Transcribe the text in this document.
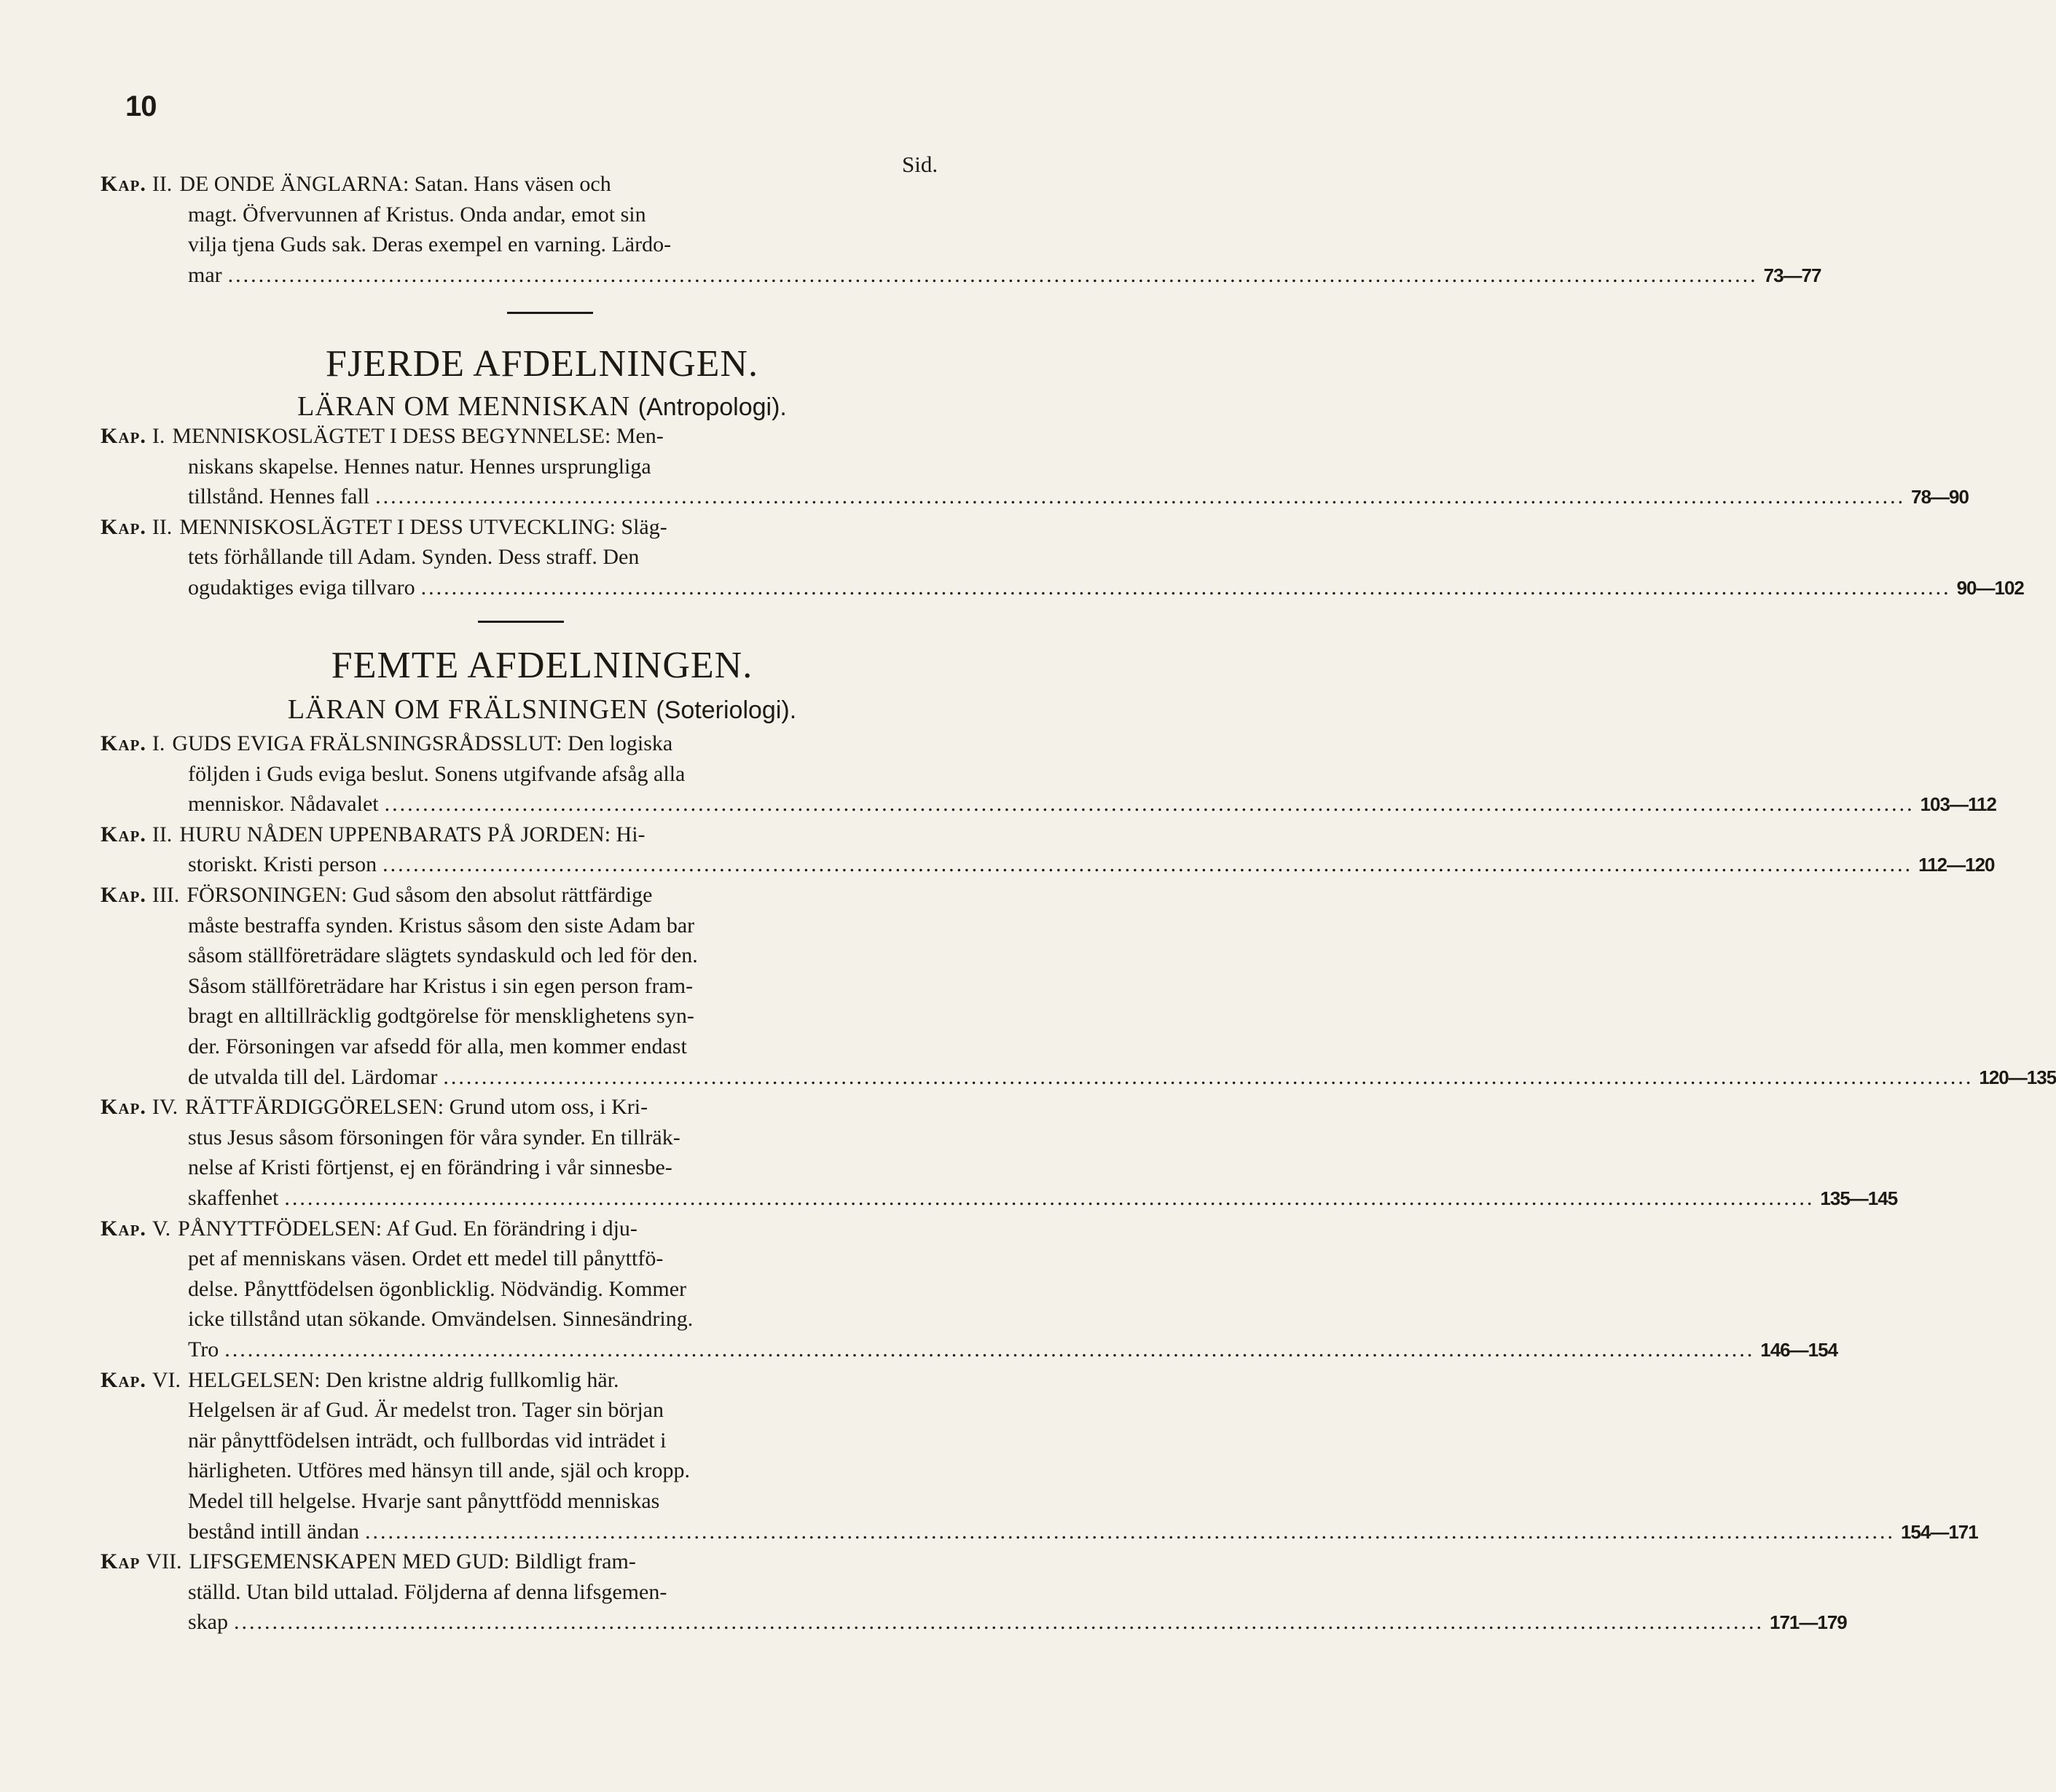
10
Sid.
Kap. II. DE ONDE ÄNGLARNA: Satan. Hans väsen och
magt. Öfvervunnen af Kristus. Onda andar, emot sin
vilja tjena Guds sak. Deras exempel en varning. Lärdo-
mar ........................................................................................................................................................................................................ 73—77
FJERDE AFDELNINGEN.
LÄRAN OM MENNISKAN (Antropologi).
Kap. I. MENNISKOSLÄGTET I DESS BEGYNNELSE: Men-
niskans skapelse. Hennes natur. Hennes ursprungliga
tillstånd. Hennes fall ........................................................................................................................................................................................................ 78—90
Kap. II. MENNISKOSLÄGTET I DESS UTVECKLING: Släg-
tets förhållande till Adam. Synden. Dess straff. Den
ogudaktiges eviga tillvaro ........................................................................................................................................................................................................ 90—102
FEMTE AFDELNINGEN.
LÄRAN OM FRÄLSNINGEN (Soteriologi).
Kap. I. GUDS EVIGA FRÄLSNINGSRÅDSSLUT: Den logiska
följden i Guds eviga beslut. Sonens utgifvande afsåg alla
menniskor. Nådavalet ........................................................................................................................................................................................................ 103—112
Kap. II. HURU NÅDEN UPPENBARATS PÅ JORDEN: Hi-
storiskt. Kristi person ........................................................................................................................................................................................................ 112—120
Kap. III. FÖRSONINGEN: Gud såsom den absolut rättfärdige
måste bestraffa synden. Kristus såsom den siste Adam bar
såsom ställföreträdare slägtets syndaskuld och led för den.
Såsom ställföreträdare har Kristus i sin egen person fram-
bragt en alltillräcklig godtgörelse för mensklighetens syn-
der. Försoningen var afsedd för alla, men kommer endast
de utvalda till del. Lärdomar ........................................................................................................................................................................................................ 120—135
Kap. IV. RÄTTFÄRDIGGÖRELSEN: Grund utom oss, i Kri-
stus Jesus såsom försoningen för våra synder. En tillräk-
nelse af Kristi förtjenst, ej en förändring i vår sinnesbe-
skaffenhet ........................................................................................................................................................................................................ 135—145
Kap. V. PÅNYTTFÖDELSEN: Af Gud. En förändring i dju-
pet af menniskans väsen. Ordet ett medel till pånyttfö-
delse. Pånyttfödelsen ögonblicklig. Nödvändig. Kommer
icke tillstånd utan sökande. Omvändelsen. Sinnesändring.
Tro ........................................................................................................................................................................................................ 146—154
Kap. VI. HELGELSEN: Den kristne aldrig fullkomlig här.
Helgelsen är af Gud. Är medelst tron. Tager sin början
när pånyttfödelsen inträdt, och fullbordas vid inträdet i
härligheten. Utföres med hänsyn till ande, själ och kropp.
Medel till helgelse. Hvarje sant pånyttfödd menniskas
bestånd intill ändan ........................................................................................................................................................................................................ 154—171
Kap VII. LIFSGEMENSKAPEN MED GUD: Bildligt fram-
ställd. Utan bild uttalad. Följderna af denna lifsgemen-
skap ........................................................................................................................................................................................................ 171—179
